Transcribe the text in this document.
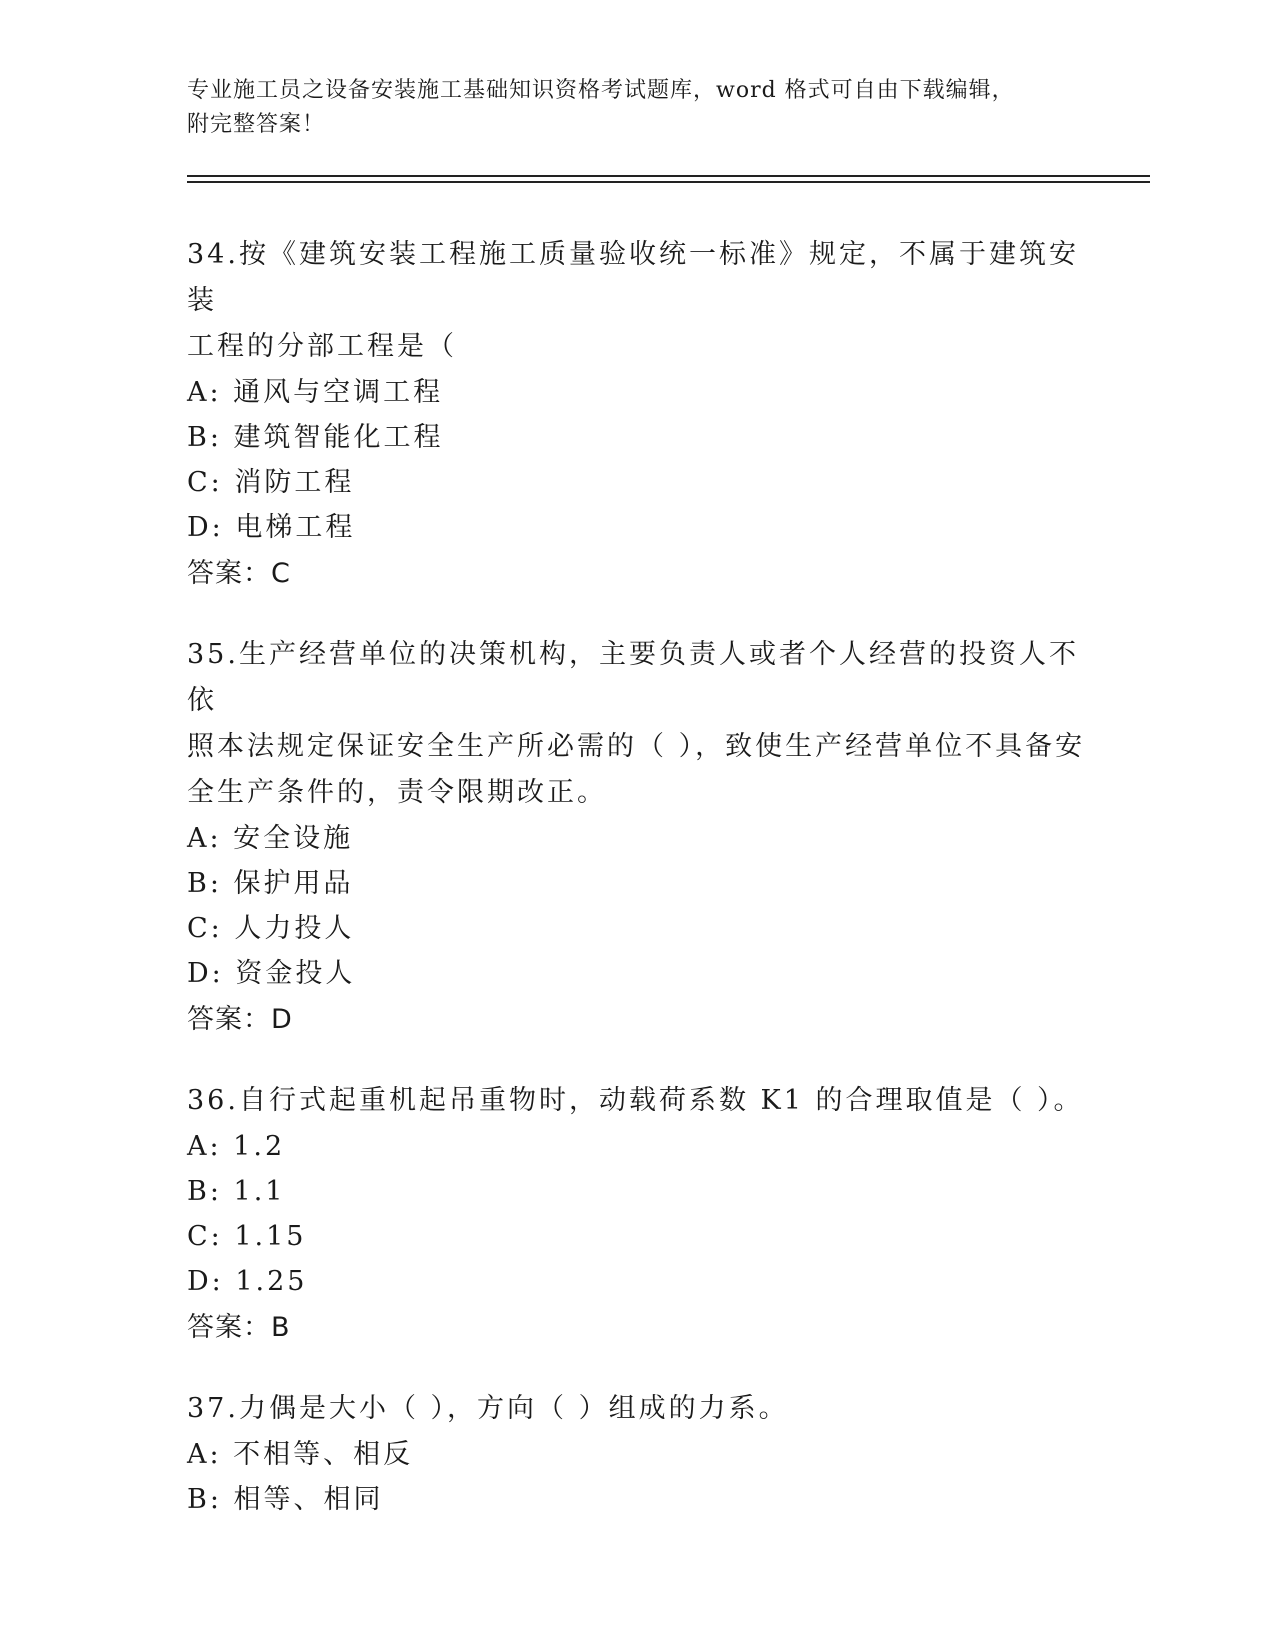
专业施工员之设备安装施工基础知识资格考试题库，word 格式可自由下载编辑，
附完整答案！

34.按《建筑安装工程施工质量验收统一标准》规定，不属于建筑安装

工程的分部工程是（

A: 通风与空调工程

B: 建筑智能化工程

C: 消防工程

D: 电梯工程

答案：C

35.生产经营单位的决策机构，主要负责人或者个人经营的投资人不依

照本法规定保证安全生产所必需的（ ），致使生产经营单位不具备安

全生产条件的，责令限期改正。

A: 安全设施

B: 保护用品

C: 人力投人

D: 资金投人

答案：D

36.自行式起重机起吊重物时，动载荷系数 K1 的合理取值是（ ）。

A: 1.2

B: 1.1

C: 1.15

D: 1.25

答案：B

37.力偶是大小（ ），方向（ ）组成的力系。

A: 不相等、相反

B: 相等、相同
